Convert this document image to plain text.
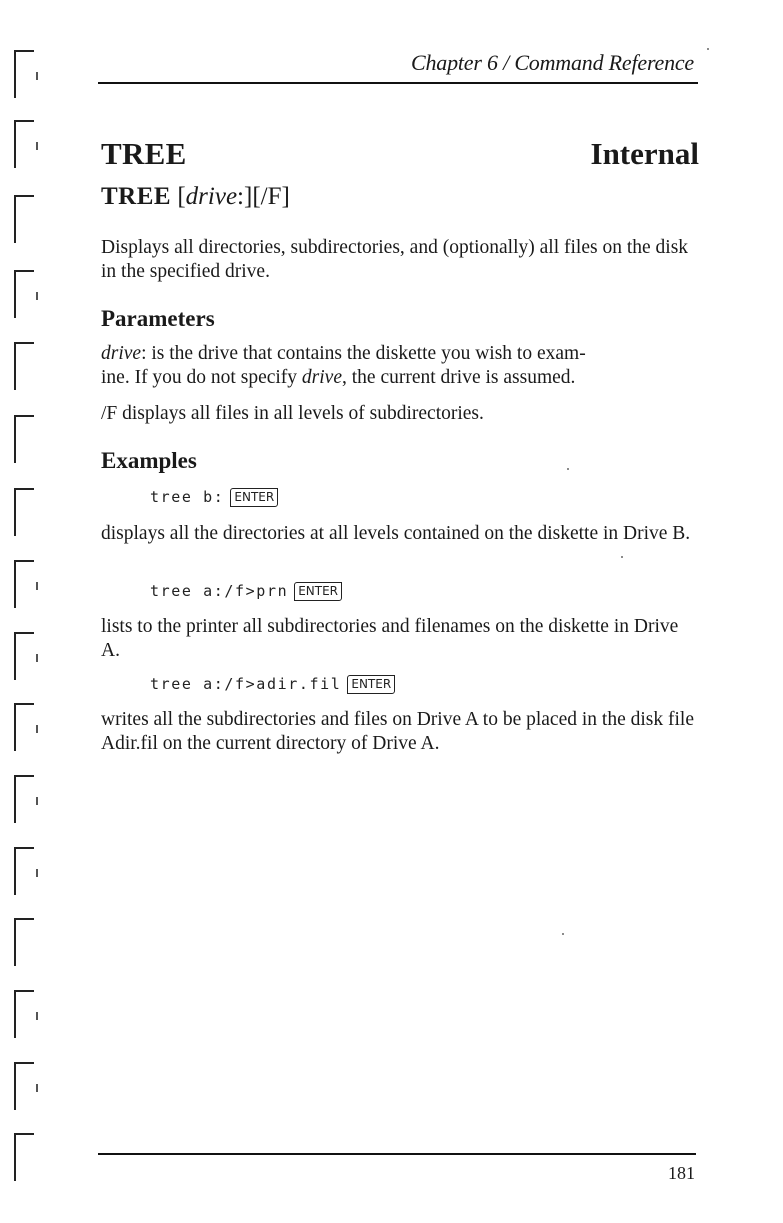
Chapter 6 / Command Reference
TREE	Internal
TREE [drive:][/F]
Displays all directories, subdirectories, and (optionally) all files on the disk in the specified drive.
Parameters
drive: is the drive that contains the diskette you wish to exam-
ine. If you do not specify drive, the current drive is assumed.
/F displays all files in all levels of subdirectories.
Examples
tree b: ENTER
displays all the directories at all levels contained on the diskette in Drive B.
tree a:/f>prn ENTER
lists to the printer all subdirectories and filenames on the diskette in Drive A.
tree a:/f>adir.fil ENTER
writes all the subdirectories and files on Drive A to be placed in the disk file Adir.fil on the current directory of Drive A.
181
